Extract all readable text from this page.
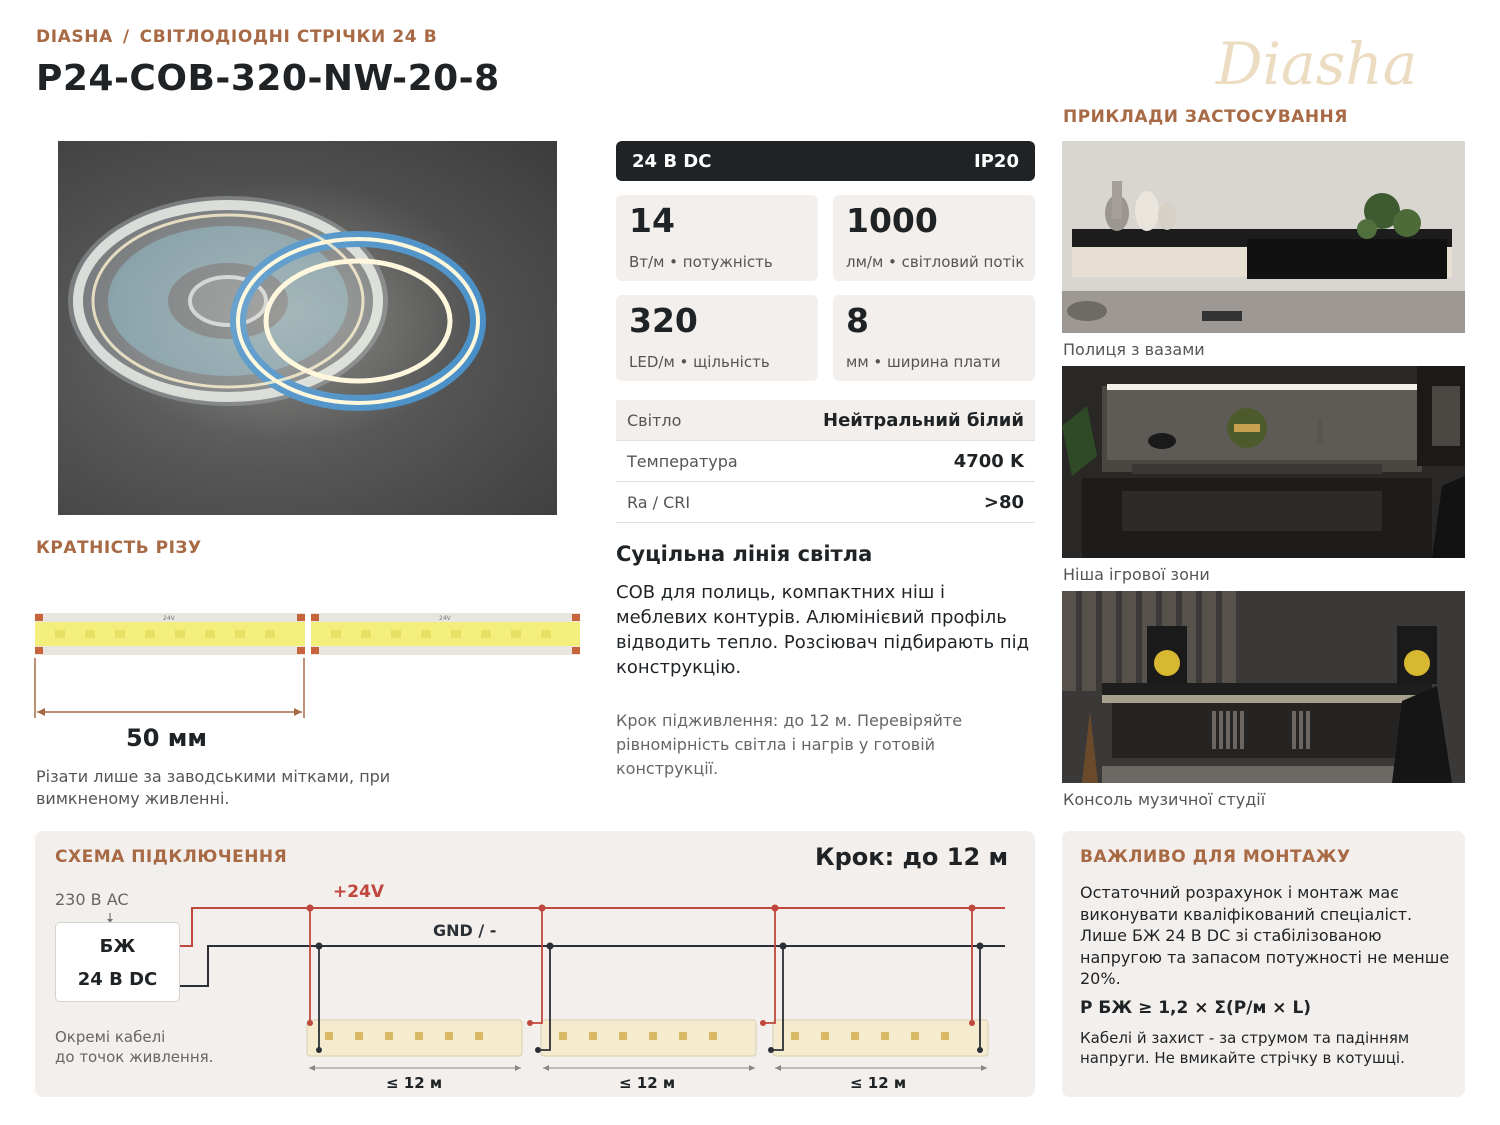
DIASHA / СВІТЛОДІОДНІ СТРІЧКИ 24 В
P24-COB-320-NW-20-8	Diasha
24 В DC	IP20
14
Вт/м • потужність
1000
лм/м • світловий потік
320
LED/м • щільність
8
мм • ширина плати
Світло	Нейтральний білий
Температура	4700 K
Ra / CRI	>80
Суцільна лінія світла
COB для полиць, компактних ніш і меблевих контурів. Алюмінієвий профіль відводить тепло. Розсіювач підбирають під конструкцію.
Крок підживлення: до 12 м. Перевіряйте рівномірність світла і нагрів у готовій конструкції.
КРАТНІСТЬ РІЗУ
24V	24V
50 мм
Різати лише за заводськими мітками, при вимкненому живленні.
ПРИКЛАДИ ЗАСТОСУВАННЯ
Полиця з вазами
Ніша ігрової зони
Консоль музичної студії
СХЕМА ПІДКЛЮЧЕННЯ	Крок: до 12 м
230 В AC	+24V
GND / -
≤ 12 м	≤ 12 м	≤ 12 м
БЖ
24 В DC
Окремі кабелі
до точок живлення.
ВАЖЛИВО ДЛЯ МОНТАЖУ
Остаточний розрахунок і монтаж має виконувати кваліфікований спеціаліст. Лише БЖ 24 В DC зі стабілізованою напругою та запасом потужності не менше 20%.
P БЖ ≥ 1,2 × Σ(P/м × L)
Кабелі й захист - за струмом та падінням напруги. Не вмикайте стрічку в котушці.
